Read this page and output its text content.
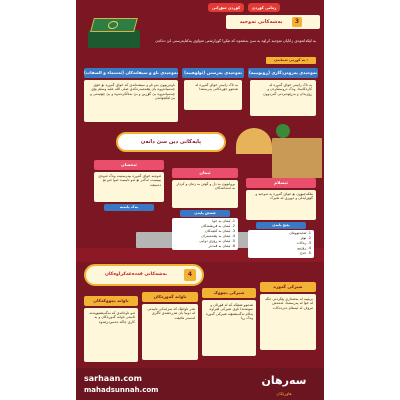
کوردی سۆرانی	زمانی کوردی
3
بەشەکانی تەوحید
بە لێکدانەوەی زانایان تەوحید کراوە بە سێ بەشەوە کە تێکڕا گوزارشتی تەواوی یەکتاپەرستی لێ دەکەن
بە کورتی ئەمانەن :
تەوحیدی پەروەردگاری (ڕوبوبییە)
بە تاک زانینی خوای گەورە لە کارەکانیدا، وەک دروستکردن و ڕۆزیدان و بەڕێوەبردنی گەردوون
تەوحیدی پەرستن (ئولوهییە)
بە تاک زانینی خوای گەورە لە هەموو جۆرەکانی پەرستندا
تەوحیدی ناو و سیفاتەکان (ئەسماء و الصفات)
باوەڕبوون بەو ناو و سیفەتانەی کە خوای گەورە بۆ خۆی چەسپاندووە یان پێغەمبەرەکەی صلی الله علیه وسلم بۆی چەسپاندووە بێ گۆڕین و بێ بەتاڵکردنەوە و بێ چۆنیەتی و بێ لێکچواندن
پایەکانی دین سێ دانەن
ئیسلام
ملکەچبوون بۆ خوای گەورە بە تەوحید و گوێڕایەڵی و دووری لە شیرک
پێنج پایەن
1. شایەتوومان
2. نوێژ
3. زەکات
4. ڕۆژوو
5. حەج
ئیمان
بڕوابوون بە دڵ و گوتن بە زمان و کردار بە ئەندامەکان
شەش پایەن
1. ئیمان بە خوا
2. ئیمان بە فریشتەکان
3. ئیمان بە کتێبەکان
4. ئیمان بە پێغەمبەران
5. ئیمان بە ڕۆژی دوایی
6. ئیمان بە قەدەر
ئیحسان
ئەوەیە خوای گەورە بپەرستیت وەک ئەوەی بیبینیت، ئەگەر تۆ ئەو نابینیت ئەوا ئەو تۆ دەبینێت
یەک پایەیە
4
بەشەکانی قەدەغەکراوەکان
شیرکی گەورە
بریتییە لە بەشداری پێکردنی جگە لە خوا لە پەرستندا، ئەمەش مرۆڤ لە ئیسلام دەردەکات
شیرکی بچووک
هەموو شتێکە کە لە قورئان و سوننەتدا ناوی شیرکی لێنراوە بەڵام نەگەیشتۆتە شیرکی گەورە وەک ڕیا
تاوانە گەورەکان
هەر تاوانێک کە سزایەکی تایبەتی لە دونیا یان هەڕەشەی ئاگری لەسەر هاتبێت
تاوانە بچووکەکان
ئەو تاوانانەی کە نەگەیشتوونەتە ئاستی تاوانە گەورەکان و بە کاری چاکە دەسڕدرێنەوە
sarhaan.com
mahadsunnah.com
سەرهان
هاوڕێکان
